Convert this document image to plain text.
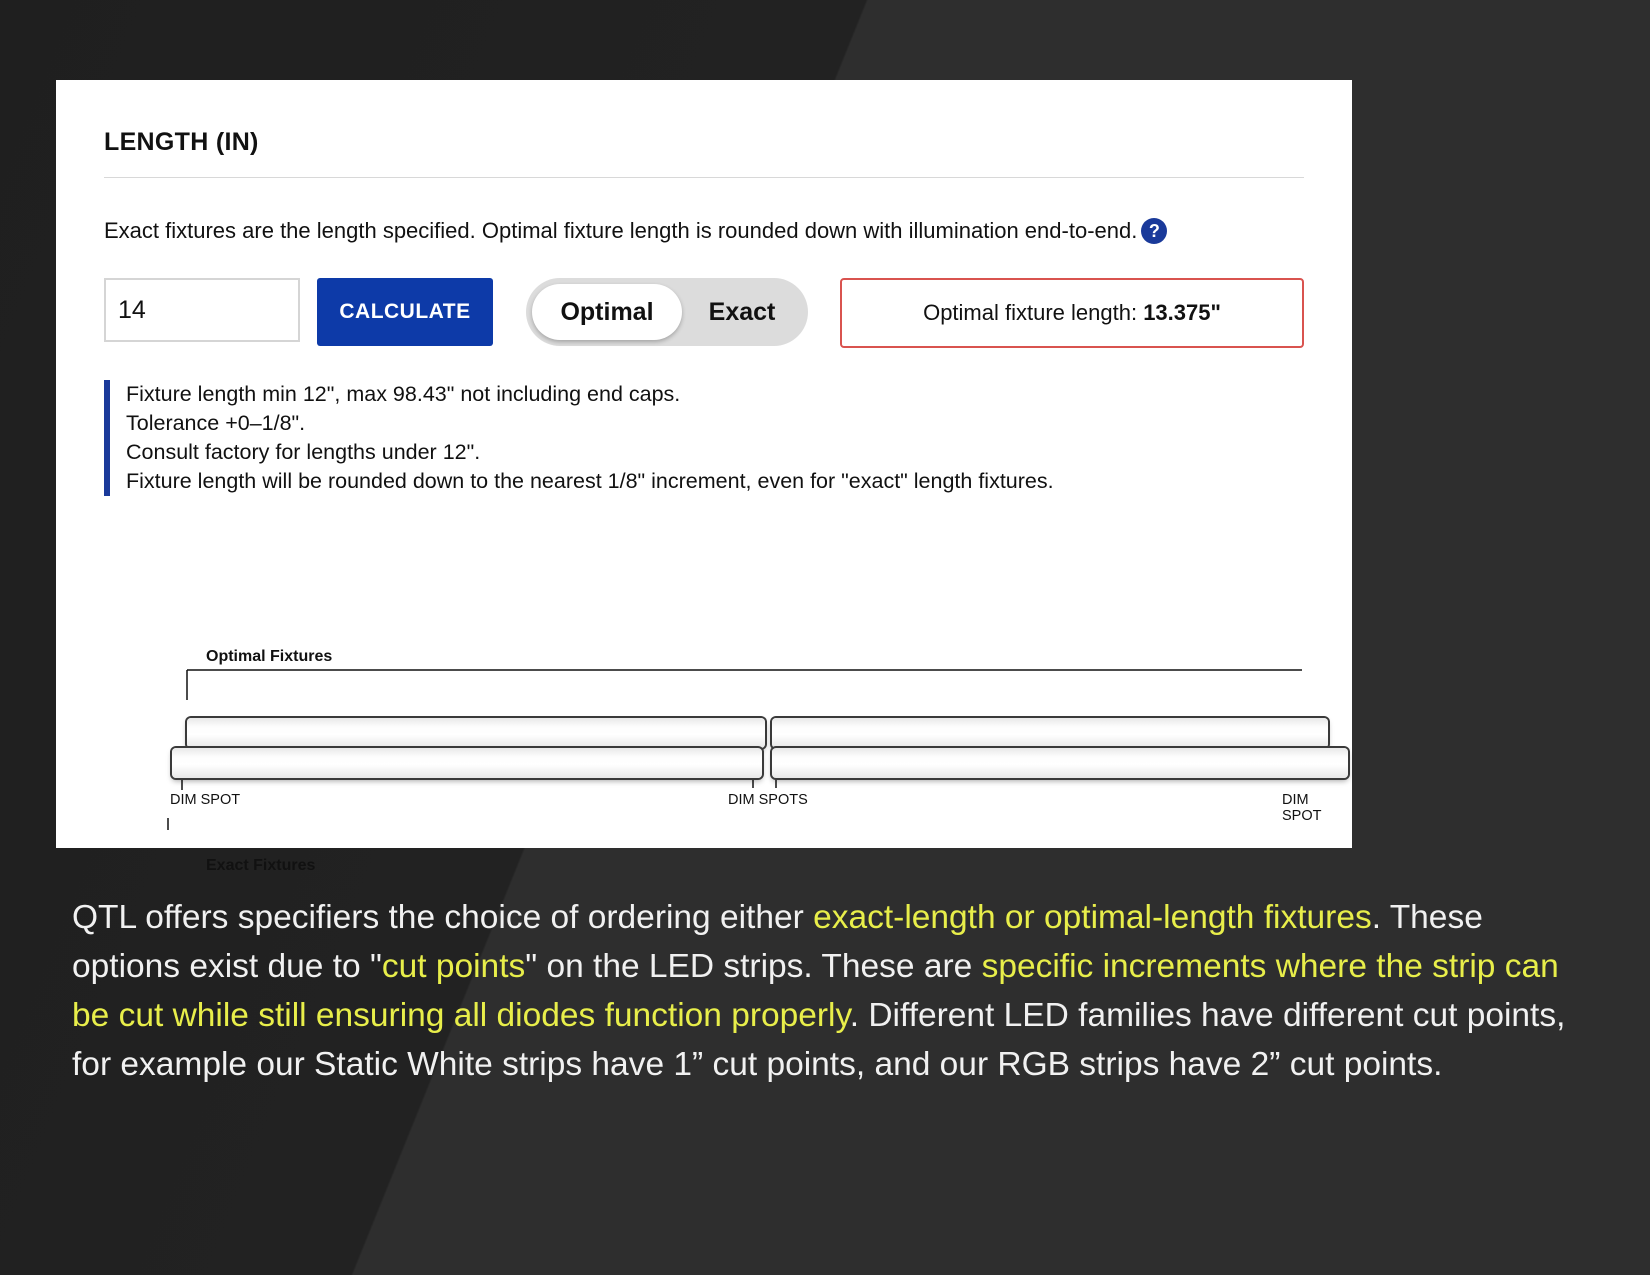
LENGTH (IN)
Exact fixtures are the length specified. Optimal fixture length is rounded down with illumination end-to-end. ?
14
CALCULATE	Optimal	Exact	Optimal fixture length:
13.375"
Fixture length min 12", max 98.43" not including end caps.
Tolerance +0–1/8".
Consult factory for lengths under 12".
Fixture length will be rounded down to the nearest 1/8" increment, even for "exact" length fixtures.
Optimal Fixtures
DIM SPOT	DIM SPOTS	DIM SPOT
Exact Fixtures
QTL offers specifiers the choice of ordering either exact-length or optimal-length fixtures. These options exist due to "cut points" on the LED strips. These are specific increments where the strip can be cut while still ensuring all diodes function properly. Different LED families have different cut points, for example our Static White strips have 1” cut points, and our RGB strips have 2” cut points.
